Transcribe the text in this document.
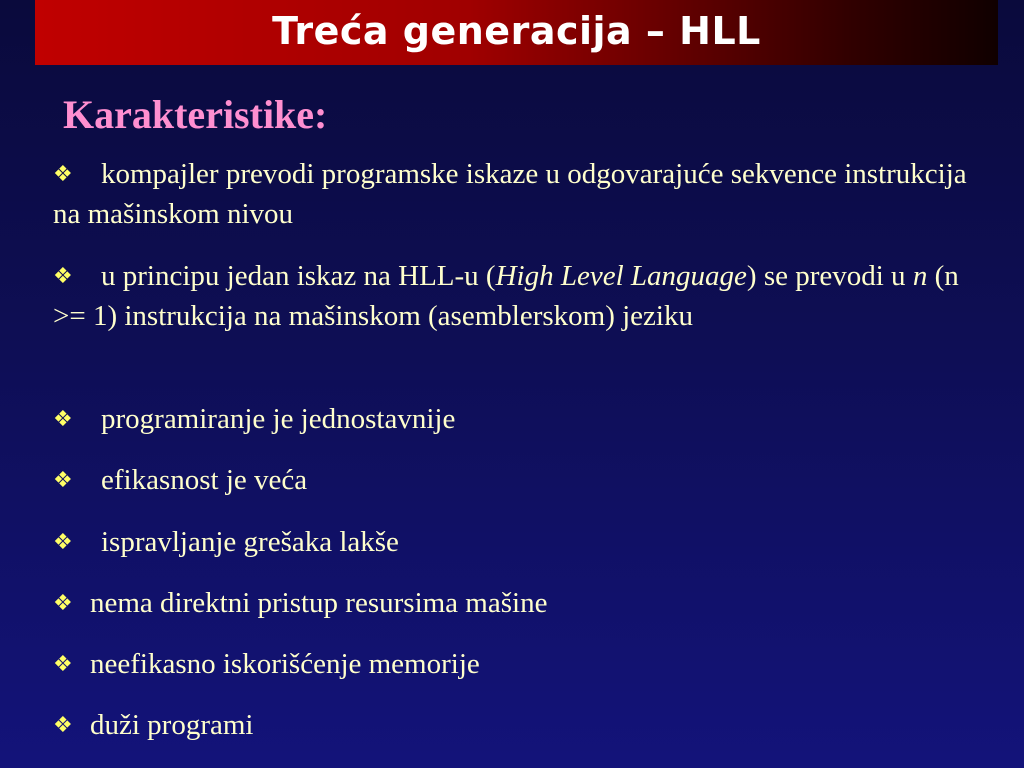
Treća generacija – HLL
Karakteristike:
❖ kompajler prevodi programske iskaze u odgovarajuće sekvence instrukcija na mašinskom nivou
❖ u principu jedan iskaz na HLL-u (High Level Language) se prevodi u n (n >= 1) instrukcija na mašinskom (asemblerskom) jeziku
❖ programiranje je jednostavnije
❖ efikasnost je veća
❖ ispravljanje grešaka lakše
❖ nema direktni pristup resursima mašine
❖ neefikasno iskorišćenje memorije
❖ duži programi
